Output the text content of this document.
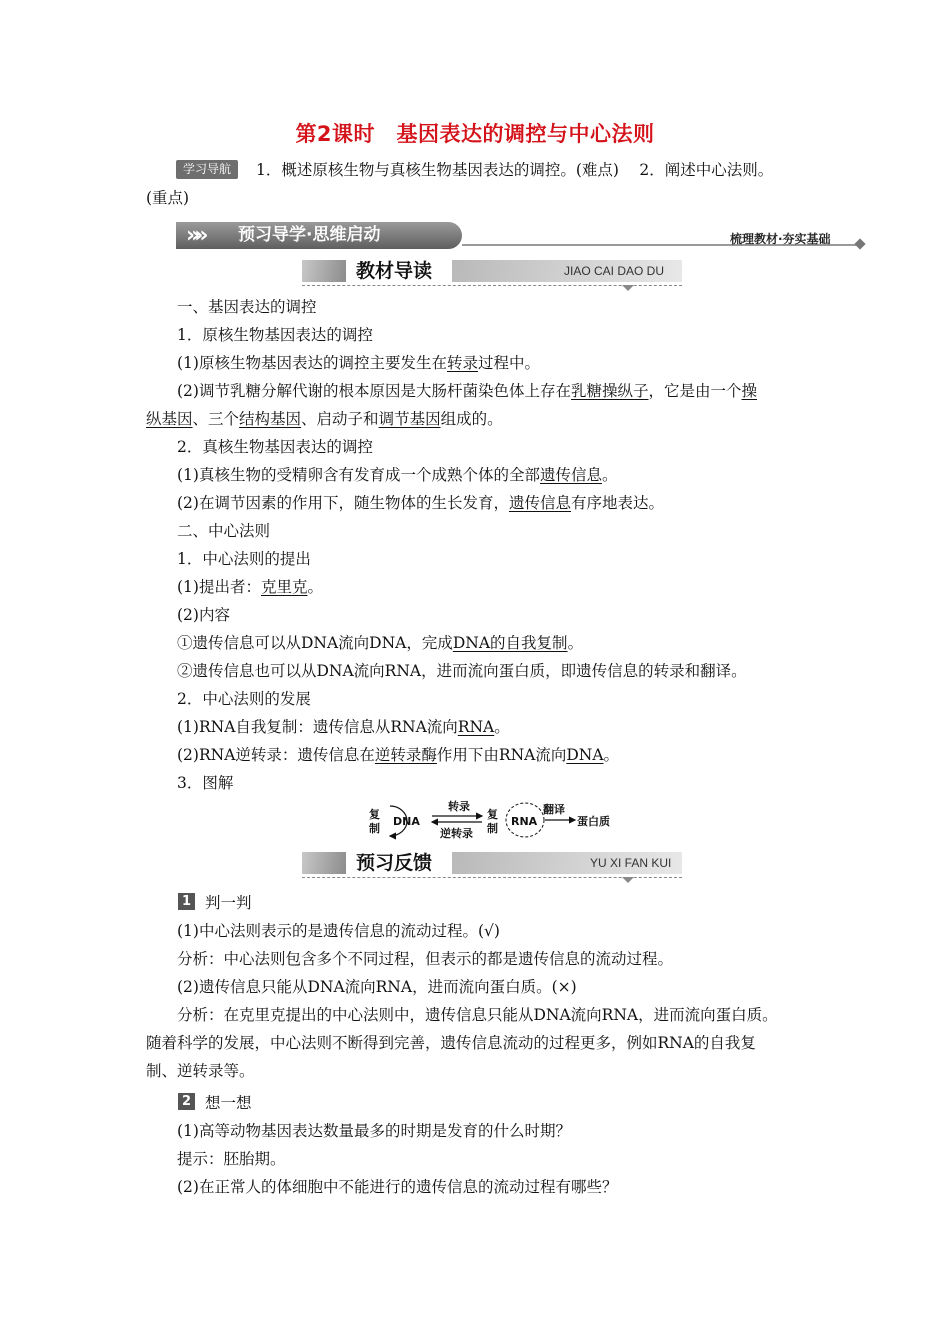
第2课时　基因表达的调控与中心法则
学习导航	1．概述原核生物与真核生物基因表达的调控。(难点)　 2．阐述中心法则。
(重点)
»»	预习导学·思维启动	梳理教材·夯实基础
教材导读	JIAO CAI DAO DU
一、基因表达的调控
1．原核生物基因表达的调控
(1)原核生物基因表达的调控主要发生在转录过程中。
(2)调节乳糖分解代谢的根本原因是大肠杆菌染色体上存在乳糖操纵子，它是由一个操
纵基因、三个结构基因、启动子和调节基因组成的。
2．真核生物基因表达的调控
(1)真核生物的受精卵含有发育成一个成熟个体的全部遗传信息。
(2)在调节因素的作用下，随生物体的生长发育，遗传信息有序地表达。
二、中心法则
1．中心法则的提出
(1)提出者：克里克。
(2)内容
①遗传信息可以从DNA流向DNA，完成DNA的自我复制。
②遗传信息也可以从DNA流向RNA，进而流向蛋白质，即遗传信息的转录和翻译。
2．中心法则的发展
(1)RNA自我复制：遗传信息从RNA流向RNA。
(2)RNA逆转录：遗传信息在逆转录酶作用下由RNA流向DNA。
3．图解
复
制
DNA
转录
逆转录
复
制
RNA
翻译
蛋白质
预习反馈	YU XI FAN KUI
1 判一判
(1)中心法则表示的是遗传信息的流动过程。(√)
分析：中心法则包含多个不同过程，但表示的都是遗传信息的流动过程。
(2)遗传信息只能从DNA流向RNA，进而流向蛋白质。(×)
分析：在克里克提出的中心法则中，遗传信息只能从DNA流向RNA，进而流向蛋白质。
随着科学的发展，中心法则不断得到完善，遗传信息流动的过程更多，例如RNA的自我复
制、逆转录等。
2 想一想
(1)高等动物基因表达数量最多的时期是发育的什么时期？
提示：胚胎期。
(2)在正常人的体细胞中不能进行的遗传信息的流动过程有哪些？
